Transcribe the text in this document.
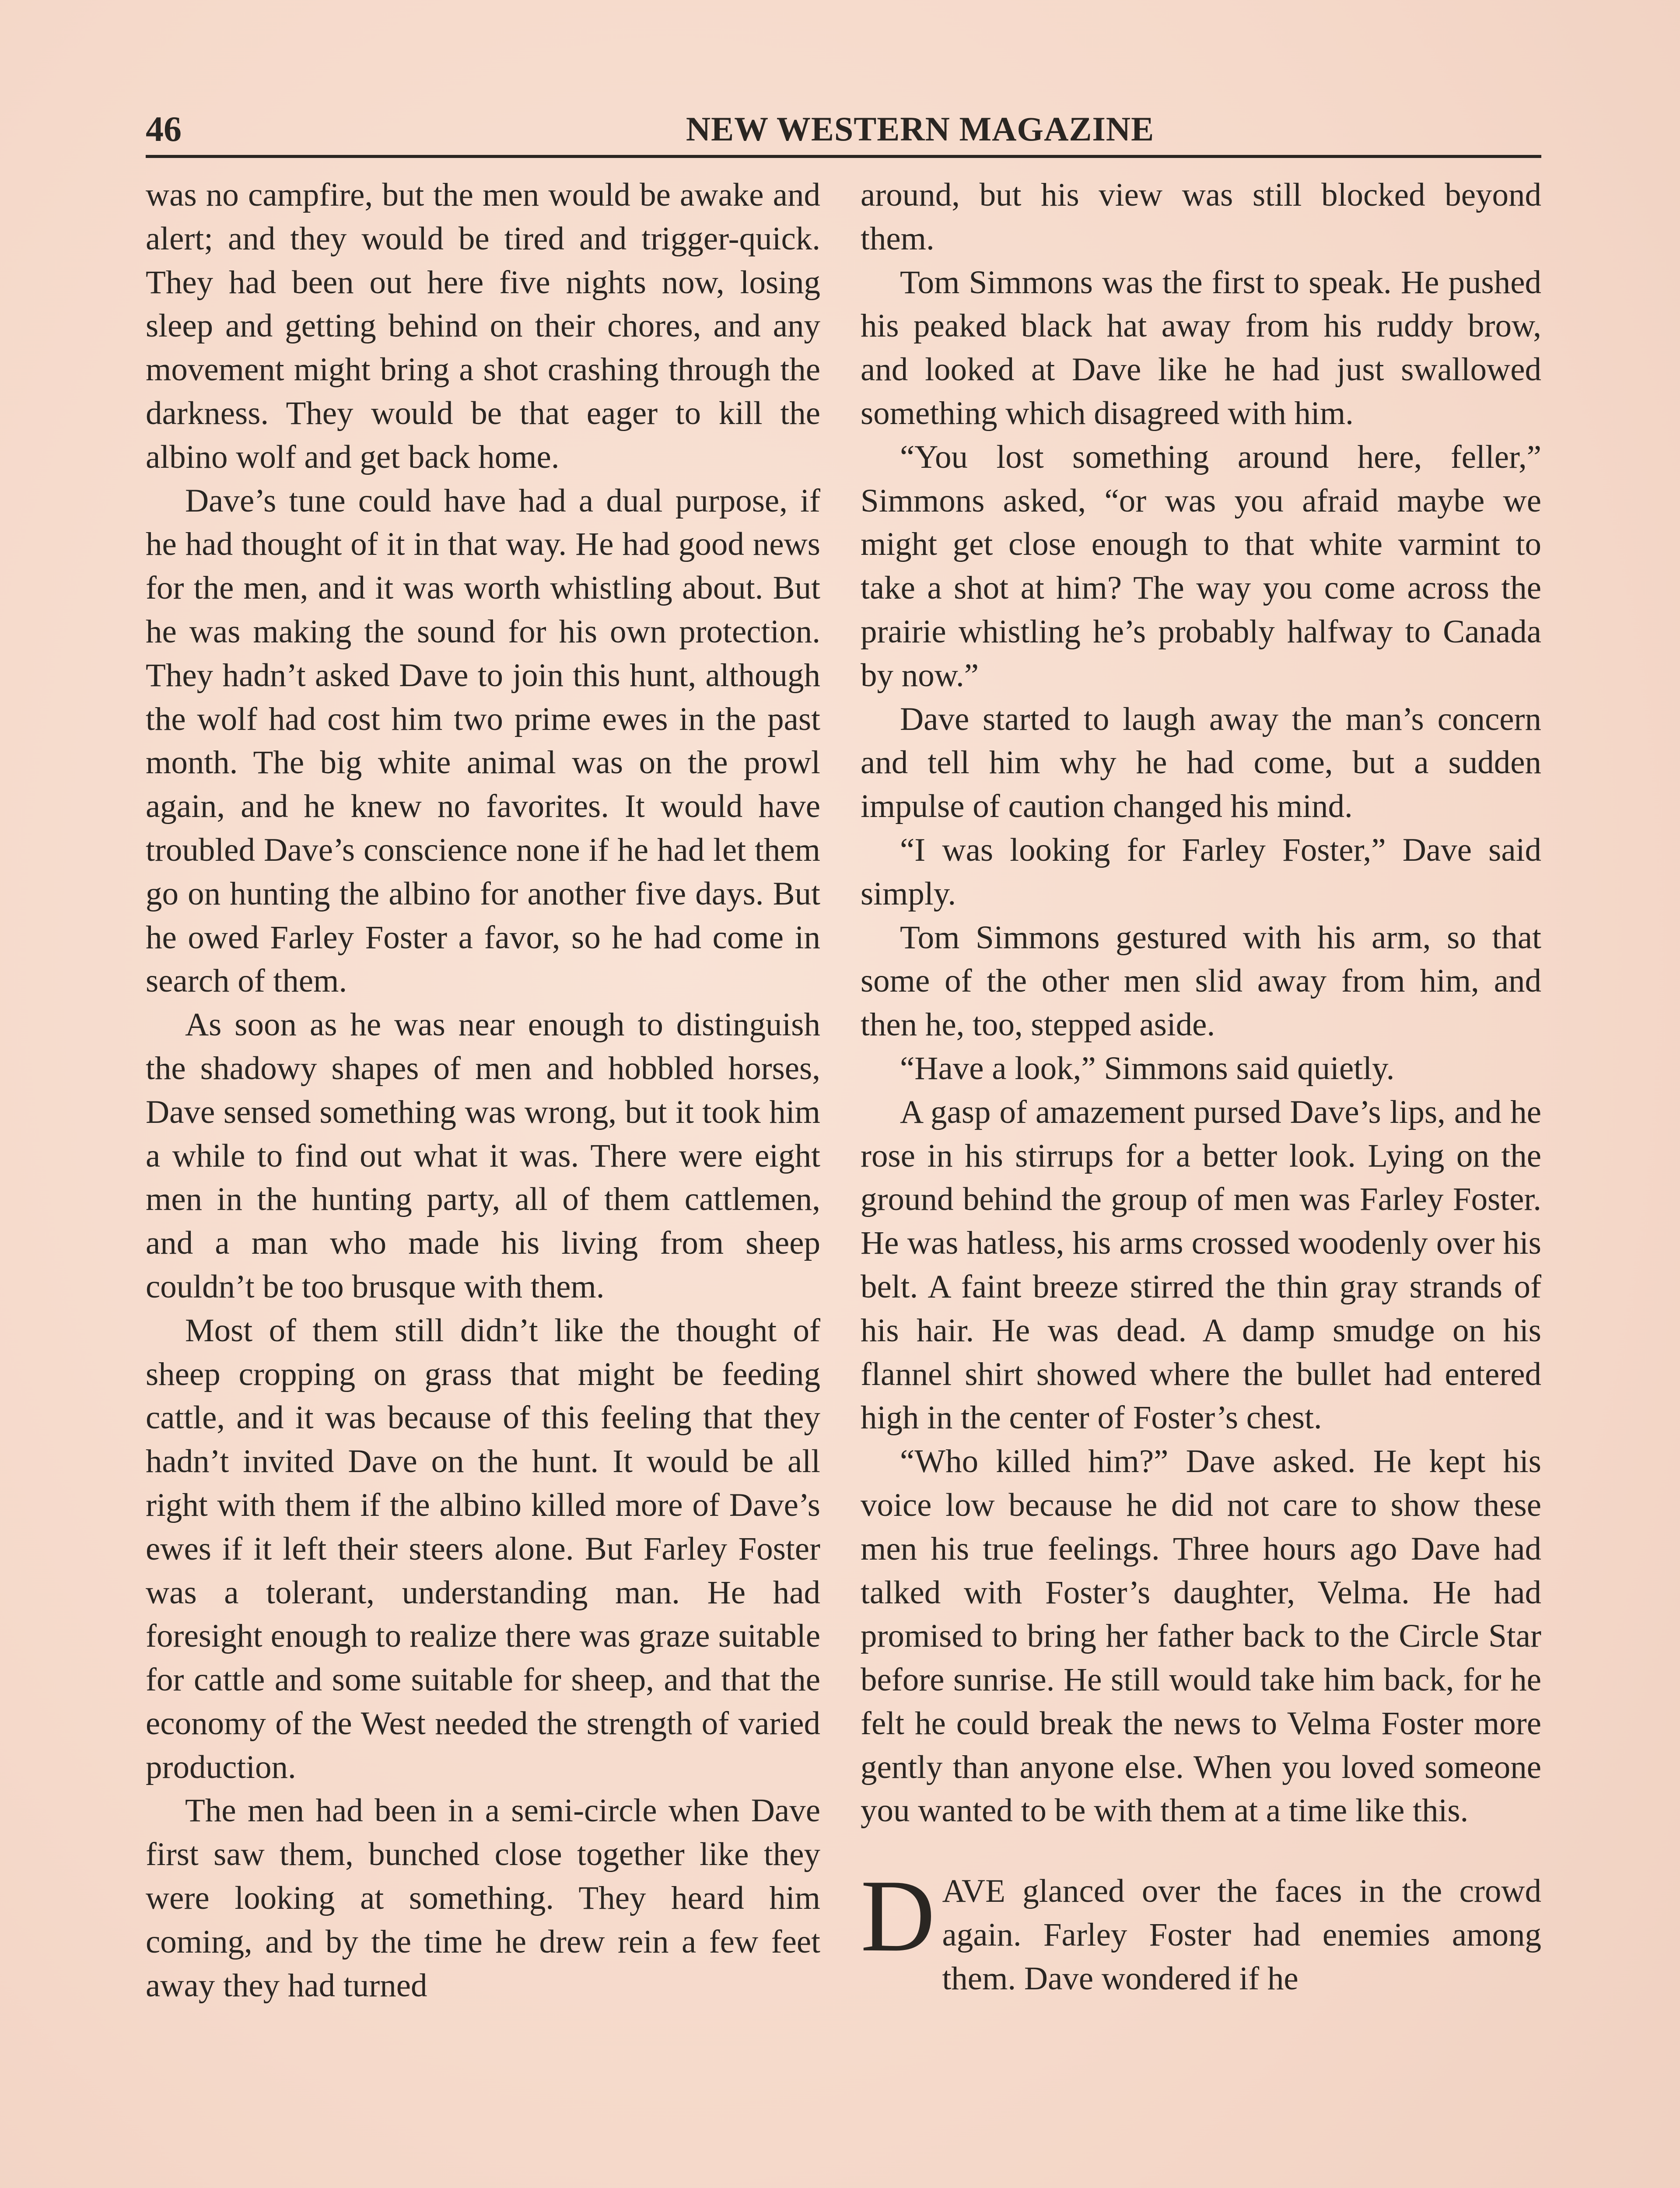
46	NEW WESTERN MAGAZINE

was no campfire, but the men would be awake and alert; and they would be tired and trigger-quick. They had been out here five nights now, losing sleep and getting behind on their chores, and any movement might bring a shot crashing through the darkness. They would be that eager to kill the albino wolf and get back home.

Dave’s tune could have had a dual purpose, if he had thought of it in that way. He had good news for the men, and it was worth whistling about. But he was making the sound for his own protection. They hadn’t asked Dave to join this hunt, although the wolf had cost him two prime ewes in the past month. The big white animal was on the prowl again, and he knew no favorites. It would have troubled Dave’s conscience none if he had let them go on hunting the albino for another five days. But he owed Farley Foster a favor, so he had come in search of them.

As soon as he was near enough to distinguish the shadowy shapes of men and hobbled horses, Dave sensed something was wrong, but it took him a while to find out what it was. There were eight men in the hunting party, all of them cattlemen, and a man who made his living from sheep couldn’t be too brusque with them.

Most of them still didn’t like the thought of sheep cropping on grass that might be feeding cattle, and it was because of this feeling that they hadn’t invited Dave on the hunt. It would be all right with them if the albino killed more of Dave’s ewes if it left their steers alone. But Farley Foster was a tolerant, understanding man. He had foresight enough to realize there was graze suitable for cattle and some suitable for sheep, and that the economy of the West needed the strength of varied production.

The men had been in a semi-circle when Dave first saw them, bunched close together like they were looking at something. They heard him coming, and by the time he drew rein a few feet away they had turned

around, but his view was still blocked beyond them.

Tom Simmons was the first to speak. He pushed his peaked black hat away from his ruddy brow, and looked at Dave like he had just swallowed something which disagreed with him.

“You lost something around here, feller,” Simmons asked, “or was you afraid maybe we might get close enough to that white varmint to take a shot at him? The way you come across the prairie whistling he’s probably halfway to Canada by now.”

Dave started to laugh away the man’s concern and tell him why he had come, but a sudden impulse of caution changed his mind.

“I was looking for Farley Foster,” Dave said simply.

Tom Simmons gestured with his arm, so that some of the other men slid away from him, and then he, too, stepped aside.

“Have a look,” Simmons said quietly.

A gasp of amazement pursed Dave’s lips, and he rose in his stirrups for a better look. Lying on the ground behind the group of men was Farley Foster. He was hatless, his arms crossed woodenly over his belt. A faint breeze stirred the thin gray strands of his hair. He was dead. A damp smudge on his flannel shirt showed where the bullet had entered high in the center of Foster’s chest.

“Who killed him?” Dave asked. He kept his voice low because he did not care to show these men his true feelings. Three hours ago Dave had talked with Foster’s daughter, Velma. He had promised to bring her father back to the Circle Star before sunrise. He still would take him back, for he felt he could break the news to Velma Foster more gently than anyone else. When you loved someone you wanted to be with them at a time like this.

DAVE glanced over the faces in the crowd again. Farley Foster had enemies among them. Dave wondered if he
